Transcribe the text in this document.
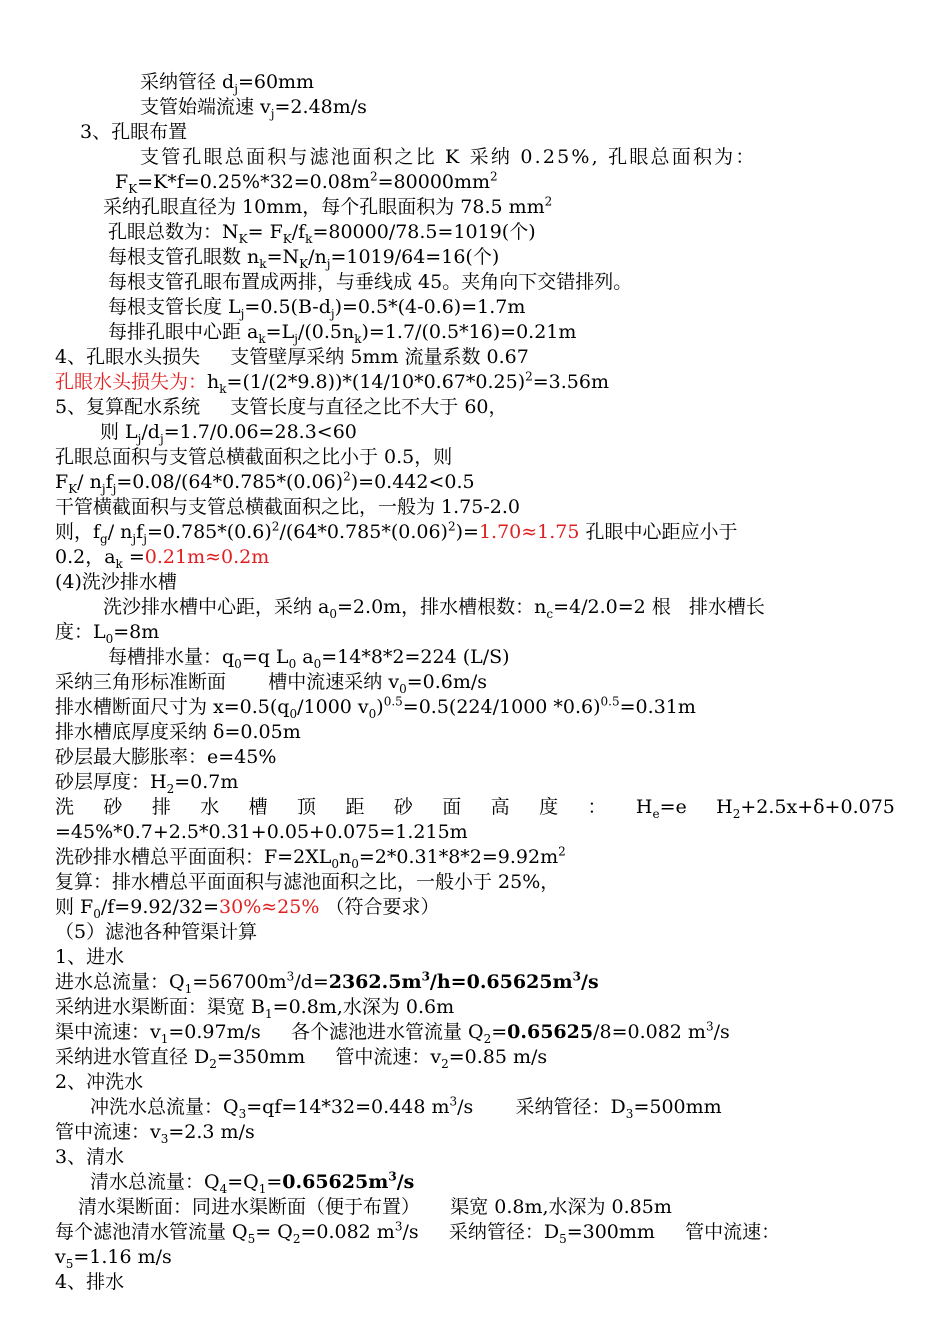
采纳管径 $d_j=60mm$
支管始端流速 $v_j=2.48m/s$
3、孔眼布置
支管孔眼总面积与滤池面积之比 K 采纳 0.25%, 孔眼总面积为：
$F_K=K*f=0.25\%*32=0.08m^2=80000mm^2$
采纳孔眼直径为 10mm，每个孔眼面积为 78.5 $mm^2$
孔眼总数为：$N_K= F_K/f_k=80000/78.5=1019$(个)
每根支管孔眼数 $n_k=N_K/n_j=1019/64=16$(个)
每根支管孔眼布置成两排，与垂线成 45。夹角向下交错排列。
每根支管长度 $L_j=0.5(B-d_j)=0.5*(4-0.6)=1.7m$
每排孔眼中心距 $a_k=L_j/(0.5n_k)=1.7/(0.5*16)=0.21m$
4、孔眼水头损失     支管壁厚采纳 5mm 流量系数 0.67
孔眼水头损失为：$h_k=(1/(2*9.8))*(14/10*0.67*0.25)^2=3.56m$
5、复算配水系统     支管长度与直径之比不大于 60，
则 $L_j/d_j=1.7/0.06=28.3<60$
孔眼总面积与支管总横截面积之比小于 0.5，则
$F_K/$ $n_jf_j=0.08/(64*0.785*(0.06)^2)=0.442<0.5$
干管横截面积与支管总横截面积之比，一般为 1.75-2.0
则，$f_g/$ $n_jf_j=0.785*(0.6)^2/(64*0.785*(0.06)^2)=1.70\approx 1.75$ 孔眼中心距应小于
0.2，$a_k =0.21m\approx 0.2m$
(4)洗沙排水槽
洗沙排水槽中心距，采纳 $a_0=2.0m$，排水槽根数：$n_c=4/2.0=2$ 根   排水槽长
度：$L_0=8m$
每槽排水量：$q_0=q$ $L_0$ $a_0=14*8*2=224$ (L/S)
采纳三角形标准断面       槽中流速采纳 $v_0=0.6m/s$
排水槽断面尺寸为 $x=0.5(q_0/1000$ $v_0)^{0.5}=0.5(224/1000$ *0.6)$^{0.5}$=0.31m
排水槽底厚度采纳 δ=0.05m
砂层最大膨胀率：e=45%
砂层厚度：$H_2=0.7m$
洗 砂 排 水 槽 顶 距 砂 面 高 度 ： $H_e=e$ $H_2+2.5x+\delta+0.075$
=45%*0.7+2.5*0.31+0.05+0.075=1.215m
洗砂排水槽总平面面积：$F=2XL_0n_0=2*0.31*8*2=9.92m^2$
复算：排水槽总平面面积与滤池面积之比，一般小于 25%，
则 $F_0/f=9.92/32=30\%\approx 25\%$ （符合要求）
（5）滤池各种管渠计算
1、进水
进水总流量：$Q_1=56700m^3/d=2362.5m^3/h=0.65625m^3/s$
采纳进水渠断面：渠宽 $B_1=0.8m$,水深为 0.6m
渠中流速：$v_1=0.97m/s$     各个滤池进水管流量 $Q_2=0.65625/8=0.082$ $m^3/s$
采纳进水管直径 $D_2=350mm$     管中流速：$v_2=0.85$ m/s
2、冲洗水
冲洗水总流量：$Q_3=qf=14*32=0.448$ $m^3/s$       采纳管径：$D_3=500mm$
管中流速：$v_3=2.3$ m/s
3、清水
清水总流量：$Q_4=Q_1=0.65625m^3/s$
清水渠断面：同进水渠断面（便于布置）     渠宽 0.8m,水深为 0.85m
每个滤池清水管流量 $Q_5= Q_2=0.082$ $m^3/s$     采纳管径：$D_5=300mm$     管中流速：
$v_5=1.16$ m/s
4、排水
